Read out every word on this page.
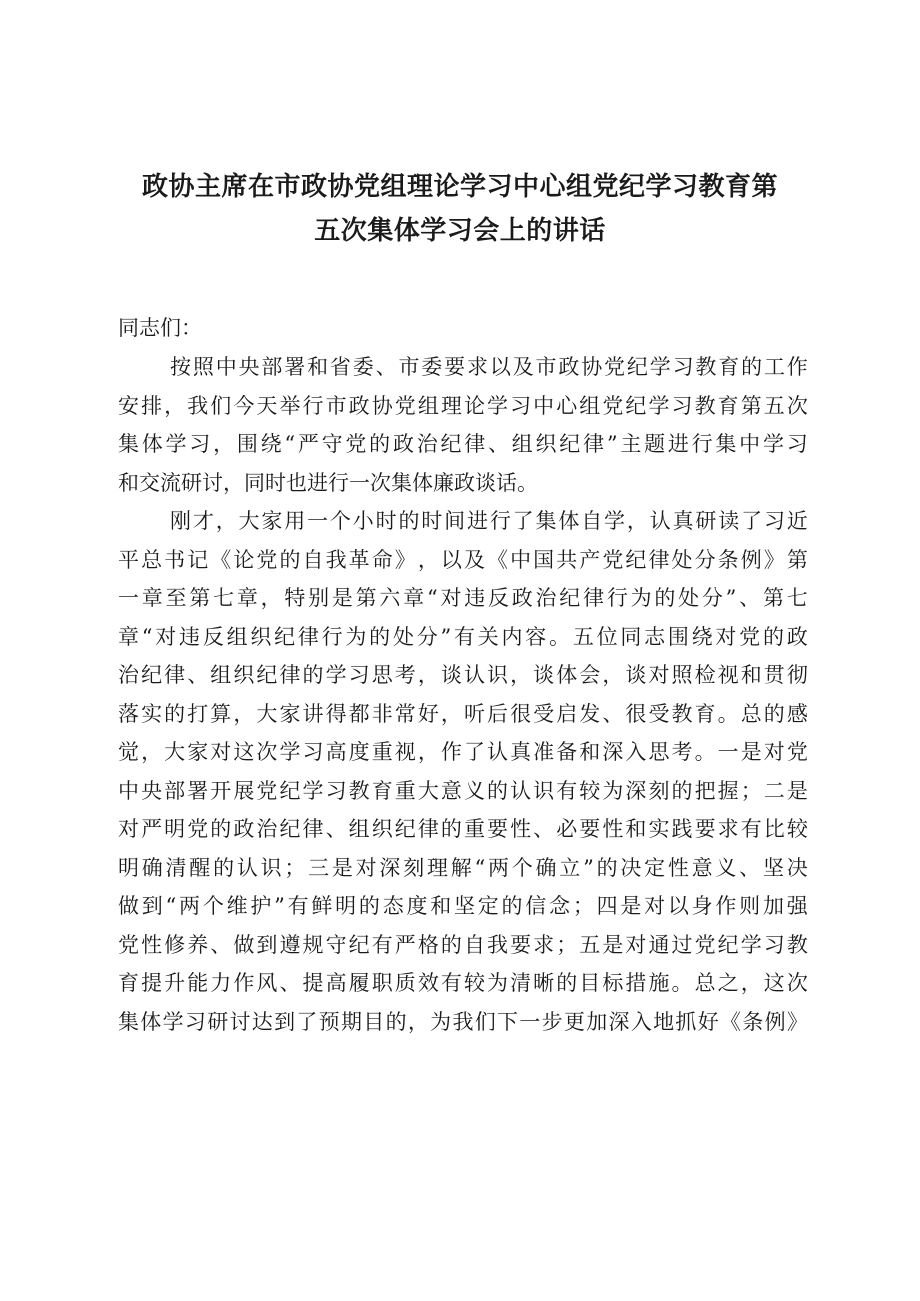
政协主席在市政协党组理论学习中心组党纪学习教育第
五次集体学习会上的讲话
同志们：
按 照 中 央 部 署 和 省 委 、 市 委 要 求 以 及 市 政 协 党 纪 学 习 教 育 的 工 作
安 排 ， 我 们 今 天 举 行 市 政 协 党 组 理 论 学 习 中 心 组 党 纪 学 习 教 育 第 五 次
集 体 学 习 ， 围 绕 “ 严 守 党 的 政 治 纪 律 、 组 织 纪 律 ” 主 题 进 行 集 中 学 习
和交流研讨，同时也进行一次集体廉政谈话。
刚 才 ， 大 家 用 一 个 小 时 的 时 间 进 行 了 集 体 自 学 ， 认 真 研 读 了 习 近
平 总 书 记 《 论 党 的 自 我 革 命 》 ， 以 及 《 中 国 共 产 党 纪 律 处 分 条 例 》 第
一 章 至 第 七 章 ， 特 别 是 第 六 章 “ 对 违 反 政 治 纪 律 行 为 的 处 分 ” 、 第 七
章 “ 对 违 反 组 织 纪 律 行 为 的 处 分 ” 有 关 内 容 。 五 位 同 志 围 绕 对 党 的 政
治 纪 律 、 组 织 纪 律 的 学 习 思 考 ， 谈 认 识 ， 谈 体 会 ， 谈 对 照 检 视 和 贯 彻
落 实 的 打 算 ， 大 家 讲 得 都 非 常 好 ， 听 后 很 受 启 发 、 很 受 教 育 。 总 的 感
觉 ， 大 家 对 这 次 学 习 高 度 重 视 ， 作 了 认 真 准 备 和 深 入 思 考 。 一 是 对 党
中 央 部 署 开 展 党 纪 学 习 教 育 重 大 意 义 的 认 识 有 较 为 深 刻 的 把 握 ； 二 是
对 严 明 党 的 政 治 纪 律 、 组 织 纪 律 的 重 要 性 、 必 要 性 和 实 践 要 求 有 比 较
明 确 清 醒 的 认 识 ； 三 是 对 深 刻 理 解 “ 两 个 确 立 ” 的 决 定 性 意 义 、 坚 决
做 到 “ 两 个 维 护 ” 有 鲜 明 的 态 度 和 坚 定 的 信 念 ； 四 是 对 以 身 作 则 加 强
党 性 修 养 、 做 到 遵 规 守 纪 有 严 格 的 自 我 要 求 ； 五 是 对 通 过 党 纪 学 习 教
育 提 升 能 力 作 风 、 提 高 履 职 质 效 有 较 为 清 晰 的 目 标 措 施 。 总 之 ， 这 次
集 体 学 习 研 讨 达 到 了 预 期 目 的 ， 为 我 们 下 一 步 更 加 深 入 地 抓 好 《 条 例 》
